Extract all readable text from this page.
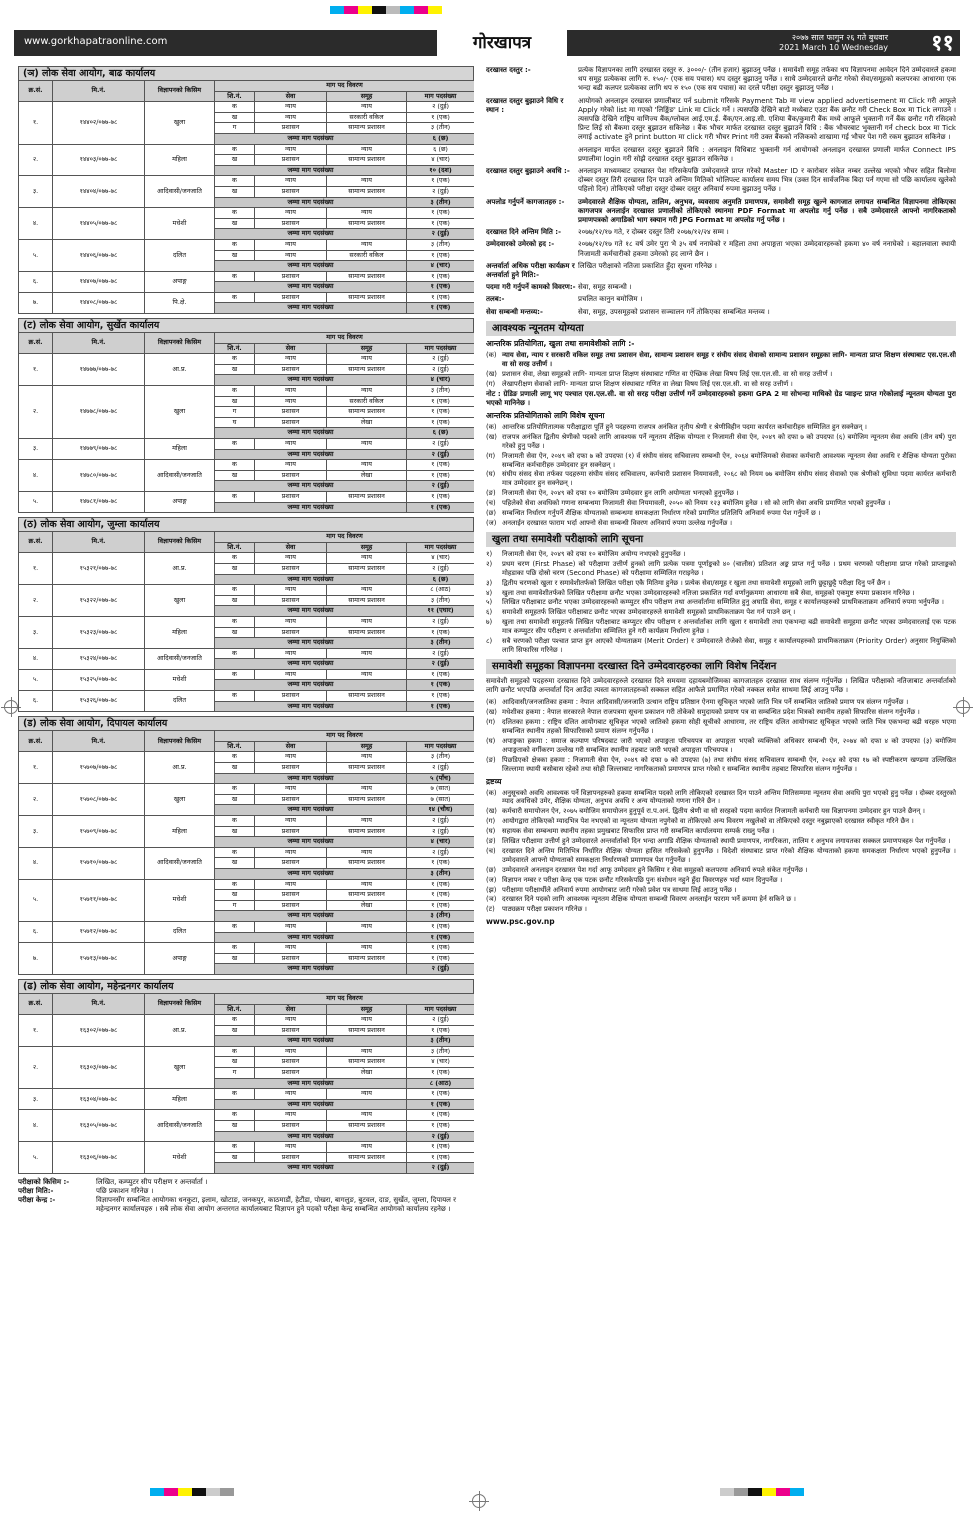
www.gorkhapatraonline.com	गोरखापत्र	२०७७ साल फागुन २६ गते बुधवार
2021 March 10 Wednesday ११
(ञ) लोक सेवा आयोग, बाढ कार्यालय
क्र.सं.	मि.नं.	विज्ञापनको किसिम	माग पद विवरण			
			शि.नं.	सेवा	समूह	माग पदसंख्या
१.	१४४०२/०७७-७८	खुला	क	न्याय	न्याय	२ (दुई)
			ख	न्याय	सरकारी वकिल	१ (एक)
			ग	प्रशासन	सामान्य प्रशासन	३ (तीन)
			जम्मा माग पदसंख्या			६ (छ)
२.	१४४०३/०७७-७८	महिला	क	न्याय	न्याय	६ (छ)
			ख	प्रशासन	सामान्य प्रशासन	४ (चार)
			जम्मा माग पदसंख्या			१० (दश)
३.	१४४०४/०७७-७८	आदिवासी/जनजाति	क	न्याय	न्याय	१ (एक)
			ख	प्रशासन	सामान्य प्रशासन	२ (दुई)
			जम्मा माग पदसंख्या			३ (तीन)
४.	१४४०५/०७७-७८	मधेशी	क	न्याय	न्याय	१ (एक)
			ख	प्रशासन	सामान्य प्रशासन	१ (एक)
			जम्मा माग पदसंख्या			२ (दुई)
५.	१४४०६/०७७-७८	दलित	क	न्याय	न्याय	३ (तीन)
			ख	न्याय	सरकारी वकिल	१ (एक)
			जम्मा माग पदसंख्या			४ (चार)
६.	१४४०७/०७७-७८	अपाङ्ग	क	प्रशासन	सामान्य प्रशासन	१ (एक)
			जम्मा माग पदसंख्या			१ (एक)
७.	१४४०८/०७७-७८	पि.क्षे.	क	प्रशासन	सामान्य प्रशासन	१ (एक)
			जम्मा माग पदसंख्या			१ (एक)
(ट) लोक सेवा आयोग, सुर्खेत कार्यालय
क्र.सं.	मि.नं.	विज्ञापनको किसिम	माग पद विवरण			
			शि.नं.	सेवा	समूह	माग पदसंख्या
१.	१४७७७/०७७-७८	आ.प्र.	क	न्याय	न्याय	२ (दुई)
			ख	प्रशासन	सामान्य प्रशासन	२ (दुई)
			जम्मा माग पदसंख्या			४ (चार)
२.	१४७७८/०७७-७८	खुला	क	न्याय	न्याय	३ (तीन)
			ख	न्याय	सरकारी वकिल	१ (एक)
			ग	प्रशासन	सामान्य प्रशासन	१ (एक)
			घ	प्रशासन	लेखा	१ (एक)
			जम्मा माग पदसंख्या			६ (छ)
३.	१४७७९/०७७-७८	महिला	क	न्याय	न्याय	२ (दुई)
			जम्मा माग पदसंख्या			२ (दुई)
४.	१४७८०/०७७-७८	आदिवासी/जनजाति	क	न्याय	न्याय	१ (एक)
			ख	प्रशासन	लेखा	१ (एक)
			जम्मा माग पदसंख्या			२ (दुई)
५.	१४७८१/०७७-७८	अपाङ्ग	क	प्रशासन	सामान्य प्रशासन	१ (एक)
			जम्मा माग पदसंख्या			१ (एक)
(ठ) लोक सेवा आयोग, जुम्ला कार्यालय
क्र.सं.	मि.नं.	विज्ञापनको किसिम	माग पद विवरण			
			शि.नं.	सेवा	समूह	माग पदसंख्या
१.	१५३२१/०७७-७८	आ.प्र.	क	न्याय	न्याय	४ (चार)
			ख	प्रशासन	सामान्य प्रशासन	२ (दुई)
			जम्मा माग पदसंख्या			६ (छ)
२.	१५३२२/०७७-७८	खुला	क	न्याय	न्याय	८ (आठ)
			ख	प्रशासन	सामान्य प्रशासन	३ (तीन)
			जम्मा माग पदसंख्या			११ (एघार)
३.	१५३२३/०७७-७८	महिला	क	न्याय	न्याय	२ (दुई)
			ख	प्रशासन	सामान्य प्रशासन	१ (एक)
			जम्मा माग पदसंख्या			३ (तीन)
४.	१५३२४/०७७-७८	आदिवासी/जनजाति	क	न्याय	न्याय	२ (दुई)
			जम्मा माग पदसंख्या			२ (दुई)
५.	१५३२५/०७७-७८	मधेशी	क	न्याय	न्याय	१ (एक)
			जम्मा माग पदसंख्या			१ (एक)
६.	१५३२६/०७७-७८	दलित	क	प्रशासन	सामान्य प्रशासन	१ (एक)
			जम्मा माग पदसंख्या			१ (एक)
(ड) लोक सेवा आयोग, दिपायल कार्यालय
क्र.सं.	मि.नं.	विज्ञापनको किसिम	माग पद विवरण			
			शि.नं.	सेवा	समूह	माग पदसंख्या
१.	१५७०७/०७७-७८	आ.प्र.	क	न्याय	न्याय	३ (तीन)
			ख	प्रशासन	सामान्य प्रशासन	२ (दुई)
			जम्मा माग पदसंख्या			५ (पाँच)
२.	१५७०८/०७७-७८	खुला	क	न्याय	न्याय	७ (सात)
			ख	प्रशासन	सामान्य प्रशासन	७ (सात)
			जम्मा माग पदसंख्या			१४ (चौध)
३.	१५७०९/०७७-७८	महिला	क	न्याय	न्याय	२ (दुई)
			ख	प्रशासन	सामान्य प्रशासन	२ (दुई)
			जम्मा माग पदसंख्या			४ (चार)
४.	१५७१०/०७७-७८	आदिवासी/जनजाति	क	न्याय	न्याय	२ (दुई)
			ख	प्रशासन	सामान्य प्रशासन	१ (एक)
			जम्मा माग पदसंख्या			३ (तीन)
५.	१५७११/०७७-७८	मधेशी	क	न्याय	न्याय	१ (एक)
			ख	प्रशासन	सामान्य प्रशासन	१ (एक)
			ग	प्रशासन	लेखा	१ (एक)
			जम्मा माग पदसंख्या			३ (तीन)
६.	१५७१२/०७७-७८	दलित	क	न्याय	न्याय	१ (एक)
			जम्मा माग पदसंख्या			१ (एक)
७.	१५७१३/०७७-७८	अपाङ्ग	क	न्याय	न्याय	१ (एक)
			ख	प्रशासन	सामान्य प्रशासन	१ (एक)
			जम्मा माग पदसंख्या			२ (दुई)
(ढ) लोक सेवा आयोग, महेन्द्रनगर कार्यालय
क्र.सं.	मि.नं.	विज्ञापनको किसिम	माग पद विवरण			
			शि.नं.	सेवा	समूह	माग पदसंख्या
१.	१६३०२/०७७-७८	आ.प्र.	क	न्याय	न्याय	२ (दुई)
			ख	प्रशासन	सामान्य प्रशासन	१ (एक)
			जम्मा माग पदसंख्या			३ (तीन)
२.	१६३०३/०७७-७८	खुला	क	न्याय	न्याय	३ (तीन)
			ख	प्रशासन	सामान्य प्रशासन	४ (चार)
			ग	प्रशासन	लेखा	१ (एक)
			जम्मा माग पदसंख्या			८ (आठ)
३.	१६३०४/०७७-७८	महिला	क	न्याय	न्याय	१ (एक)
			जम्मा माग पदसंख्या			१ (एक)
४.	१६३०५/०७७-७८	आदिवासी/जनजाति	क	न्याय	न्याय	१ (एक)
			ख	प्रशासन	सामान्य प्रशासन	१ (एक)
			जम्मा माग पदसंख्या			२ (दुई)
५.	१६३०६/०७७-७८	मधेशी	क	न्याय	न्याय	१ (एक)
			ख	प्रशासन	सामान्य प्रशासन	१ (एक)
			जम्मा माग पदसंख्या			२ (दुई)
परीक्षाको किसिम :-	लिखित, कम्प्युटर सीप परीक्षण र अन्तर्वार्ता ।
परीक्षा मिति:-	पछि प्रकाशन गरिनेछ ।
परीक्षा केन्द्र :-	विज्ञापनसँग सम्बन्धित आयोगका धनकुटा, इलाम, खोटाङ, जनकपुर, काठमाडौं, हेटौंडा, पोखरा, बागलुङ, बुटवल, दाङ, सुर्खेत, जुम्ला, दिपायल र महेन्द्रनगर कार्यालयहरु । सबै लोक सेवा आयोग अन्तरगत कार्यालयबाट विज्ञापन हुने पदको परीक्षा केन्द्र सम्बन्धित आयोगको कार्यालय रहनेछ ।
दरखास्त दस्तुर :-	प्रत्येक विज्ञापनका लागि दरखास्त दस्तुर रु. ३०००/- (तीन हजार) बुझाउनु पर्नेछ । समावेशी समूह तर्फका थप विज्ञापनमा आवेदन दिने उम्मेदवारले हकमा थप समूह प्रत्येकका लागि रु. १५०/- (एक सय पचास) थप दस्तुर बुझाउनु पर्नेछ । साथै उम्मेदवारले छनौट गरेको सेवा/समूहको कलपरका आधारमा एक भन्दा बढी कलपर प्रत्येकका लागि थप रु १५० (एक सय पचास) का दरले परीक्षा दस्तुर बुझाउनु पर्नेछ ।
दरखास्त दस्तुर बुझाउने विधि र स्थान :
आयोगको अनलाइन दरखास्त प्रणालीबाट पर्न submit गरिसके Payment Tab मा view applied advertisement मा Click गरी आफूले Apply गरेको list मा गएको 'लिङ्किंङ' Link मा Click गर्ने । त्यसपछि देखिने बाटो मध्येबाट एउटा बैंक छनौट गरी Check Box मा Tick लगाउने । त्यसपछि देखिने राष्ट्रिय वाणिज्य बैंक/ग्लोबल आई.एम.ई. बैंक/एन.आइ.सी. एशिया बैंक/कुमारी बैंक मध्ये आफूले भुक्तानी गर्ने बैंक छनौट गरी रसिदको प्रिन्ट लिई सो बैंकमा दस्तुर बुझाउन सकिनेछ । बैंक भौचर मार्फत दरखास्त दस्तुर बुझाउने विधि : बैंक भौचरबाट भुक्तानी गर्न check box मा Tick लगाई activate हुने print button मा click गरी भौचर Print गरी उक्त बैंकको नजिकको शाखामा गई भौचर पेश गरी रकम बुझाउन सकिनेछ ।
अनलाइन मार्फत दरखास्त दस्तुर बुझाउने विधि : अनलाइन विधिबाट भुक्तानी गर्न आयोगको अनलाइन दरखास्त प्रणाली मार्फत Connect IPS प्रणालीमा login गरी सोझै दरखास्त दस्तुर बुझाउन सकिनेछ ।
दरखास्त दस्तुर बुझाउने अवधि :-	अनलाइन माध्यमबाट दरखास्त पेश गरिसकेपछि उम्मेदवारले प्राप्त गरेको Master ID र कारोबार संकेत नम्बर उल्लेख भएको भौचर सहित बिलोमा दोब्बर दस्तुर तिरी दरखास्त दिन पाउने अन्तिम मितिको भोलिपल्ट कार्यालय समय भित्र (उक्त दिन सार्वजनिक बिदा पर्न गएमा सो पछि कार्यालय खुलेको पहिलो दिन) तोकिएको परीक्षा दस्तुर दोब्बर दस्तुर अनिवार्य रुपमा बुझाउनु पर्नेछ ।
अपलोड गर्नुपर्ने कागजातहरु :-	उम्मेदवारले शैक्षिक योग्यता, तालिम, अनुभव, व्यवसाय अनुमति प्रमाणपत्र, समावेशी समूह खुल्ने कागजात लगायत सम्बन्धित विज्ञापनमा तोकिएका कागजपत्र अनलाईन दरखास्त प्रणालीको तोकिएको स्थानमा PDF Format मा अपलोड गर्नु पर्नेछ । सबै उम्मेदवारले आफ्नो नागरिकताको प्रमाणपत्रको अगाडिको भाग स्क्यान गरी JPG Format मा अपलोड गर्नु पर्नेछ ।
दरखास्त दिने अन्तिम मिति :-	२०७७/१२/१७ गते, र दोब्बर दस्तुर तिरी २०७७/१२/२४ सम्म ।
उम्मेदवारको उमेरको हद :-	२०७७/१२/१७ गते १८ वर्ष उमेर पुरा भै ३५ वर्ष ननाघेको र महिला तथा अपाङ्गता भएका उम्मेदवारहरुको हकमा ४० वर्ष ननाघेको । बहालवाला स्थायी निजामती कर्मचारीको हकमा उमेरको हद लाग्ने छैन ।
अन्तर्वार्ता अधिक परीक्षा कार्यक्रम र अन्तर्वार्ता हुने मिति:-
लिखित परीक्षाको नतिजा प्रकाशित हुँदा सूचना गरिनेछ ।
पदमा गरी गर्नुपर्ने कामको विवरण:- सेवा, समूह सम्बन्धी ।
तलब:-	प्रचलित कानुन बमोजिम ।
सेवा सम्बन्धी मन्तव्य:-	सेवा, समूह, उपसमूहको प्रशासन सञ्चालन गर्ने तोकिएका सम्बन्धित मन्तव्य ।
आवश्यक न्यूनतम योग्यता
आन्तरिक प्रतियोगिता, खुला तथा समावेशीको लागि :-
(क) न्याय सेवा, न्याय र सरकारी वकिल समूह तथा प्रशासन सेवा, सामान्य प्रशासन समूह र संघीय संसद सेवाको सामान्य प्रशासन समूहका लागि- मान्यता प्राप्त शिक्षण संस्थाबाट एस.एल.सी वा सो सरह उत्तीर्ण ।
(ख) प्रशासन सेवा, लेखा समूहको लागि- मान्यता प्राप्त शिक्षण संस्थाबाट गणित वा ऐच्छिक लेखा विषय लिई एस.एल.सी. वा सो सरह उत्तीर्ण ।
(ग)	लेखापरीक्षण सेवाको लागि- मान्यता प्राप्त शिक्षण संस्थाबाट गणित वा लेखा विषय लिई एस.एल.सी. वा सो सरह उत्तीर्ण ।
नोट : ग्रेडिङ प्रणाली लागू भए पश्चात एस.एल.सी. वा सो सरह परीक्षा उत्तीर्ण गर्ने उम्मेदवारहरुको हकमा GPA 2 मा सोभन्दा माथिको ग्रेड प्वाइन्ट प्राप्त गरेकोलाई न्यूनतम योग्यता पुरा भएको मानिनेछ ।
आन्तरिक प्रतियोगिताको लागि विशेष सूचना
(क) आन्तरिक प्रतियोगितात्मक परीक्षाद्वारा पूर्ति हुने पदहरुमा राजपत्र अनंकित तृतीय श्रेणी र श्रेणीविहीन पदमा कार्यरत कर्मचारीहरु सम्मिलित हुन सक्नेछन् ।
(ख) राजपत्र अनंकित द्वितीय श्रेणीको पदको लागि आवश्यक पर्ने न्यूनतम शैक्षिक योग्यता र निजामती सेवा ऐन, २०४९ को दफा ७ को उपदफा (६) बमोजिम न्यूनतम सेवा अवधि (तीन वर्ष) पुरा गरेको हुनु पर्नेछ ।
(ग)	निजामती सेवा ऐन, २०४९ को दफा ७ को उपदफा (१) र्व संघीय संसद सचिवालय सम्बन्धी ऐन, २०६४ बमोजिमको सेवाका कर्मचारी आवश्यक न्यूनतम सेवा अवधि र शैक्षिक योग्यता पुरोका सम्बन्धित कर्मचारीहरु उम्मेदवार हुन सक्नेछन् ।
(घ) संघीय संसद सेवा तर्फका पदहरुमा संघीय संसद सचिवालय, कर्मचारी प्रशासन नियमावली, २०६८ को नियम ७७ बमोजिम संघीय संसद सेवाको एक श्रेणीको सुविधा पदमा कार्यरत कर्मचारी मात्र उम्मेदवार हुन सक्नेछन् ।
(ङ) निजामती सेवा ऐन, २०४९ को दफा १० बमोजिम उम्मेदवार हुन लागि अयोग्यता भनएको हुनुपर्नेछ ।
(च) पहिलेको सेवा अवधिको गणना सम्बन्धमा निजामती सेवा नियमावली, २०५० को नियम १२३ बमोजिम हुनेछ । सो को लागि सेवा अवधि प्रमाणित भएको हुनुपर्नेछ ।
(छ) सम्बन्धित निर्धारण गर्नुपर्ने शैक्षिक योग्यताको सम्बन्धमा समकक्षता निर्धारण गरेको प्रमाणित प्रतिलिपि अनिवार्य रुपमा पेश गर्नुपर्ने छ ।
(ज) अनलाईन दरखास्त फाराम भर्दा आफ्नो सेवा सम्बन्धी विवरण अनिवार्य रुपमा उल्लेख गर्नुपर्नेछ ।
खुला तथा समावेशी परीक्षाको लागि सूचना
१)	निजामती सेवा ऐन, २०४९ को दफा १० बमोजिम अयोग्य नभएको हुनुपर्नेछ ।
२)	प्रथम चरण (First Phase) को परीक्षामा उत्तीर्ण हुनको लागि प्रत्येक पत्रमा पूर्णाङ्कको ४० (चालीस) प्रतिशत अङ्क प्राप्त गर्नु पर्नेछ । प्रथम चरणको परीक्षामा प्राप्त गरेको प्राप्ताङ्कको मोहडाका पछि दोस्रो चरण (Second Phase) को परीक्षामा सम्मिलित गराइनेछ ।
३)	द्वितीय चरणको खुला र समावेशीतर्फको लिखित परीक्षा एकै मितिमा हुनेछ । प्रत्येक सेवा/समूह र खुला तथा समावेशी समूहको लागि छुट्टाछुट्टै परीक्षा दिनु पर्ने छैन ।
४)	खुला तथा समावेशीतर्फको लिखित परीक्षामा छनौट भएका उम्मेदवारहरुको नतिजा प्रकाशित गर्दा वर्णानुक्रममा आधारमा सबै सेवा, समूहको एकमुष्ट रुपमा प्रकाशन गरिनेछ ।
५)	लिखित परीक्षाबाट छनौट भएका उम्मेदवारहरुको कम्प्युटर सीप परीक्षण तथा अन्तर्वार्तामा सम्मिलित हुनु अघाडि सेवा, समूह र कार्यालयहरुको प्राथमिकताक्रम अनिवार्य रुपमा भर्नुपर्नेछ ।
६)	समावेशी समूहतर्फ लिखित परीक्षाबाट छनौट भएका उम्मेदवारहरुले समावेशी समूहको प्राथमिकताक्रम पेश गर्न पाउने छन् ।
७)	खुला तथा समावेशी समूहतर्फ लिखित परीक्षाबाट कम्प्युटर सीप परीक्षण र अन्तर्वार्ताका लागि खुला र समावेशी तथा एकभन्दा बढी समावेशी समूहमा छनौट भएका उम्मेदवारलाई एक पटक मात्र कम्प्युटर सीप परीक्षण र अन्तर्वार्तामा सम्मिलित हुने गरी कार्यक्रम निर्धारण हुनेछ ।
८)	सबै चरणको परीक्षा पश्चात प्राप्त हुन आएको योग्यताक्रम (Merit Order) र उम्मेदवारले रोजेको सेवा, समूह र कार्यालयहरुको प्राथमिकताक्रम (Priority Order) अनुसार नियुक्तिको लागि सिफारिस गरिनेछ ।
समावेशी समूहका विज्ञापनमा दरखास्त दिने उम्मेदवारहरुका लागि विशेष निर्देशन
समावेशी समूहको पदहरुमा दरखास्त दिने उम्मेदवारहरुले दरखास्त दिने समयमा दहायबमोजिमका कागजातहरु दरखास्त साथ संलग्न गर्नुपर्नेछ । लिखित परीक्षाको नतिजाबाट अन्तर्वार्ताको लागि छनौट भएपछि अन्तर्वार्ता दिन आउँदा त्यस्ता कागजातहरुको सक्कल सहित आफैले प्रमाणित गरेको नक्कल समेत साथमा लिई आउनु पर्नेछ ।
(क) आदिवासी/जनजातिका हकमा : नेपाल आदिवासी/जनजाति उत्थान राष्ट्रिय प्रतिष्ठान ऐनमा सूचिकृत भएको जाति भित्र पर्ने सम्बन्धित जातिको प्रमाण पत्र संलग्न गर्नुपर्नेछ ।
(ख) मधेशीका हकमा : नेपाल सरकारले नेपाल राजपत्रमा सूचना प्रकाशन गरी तोकेको समुदायको प्रमाण पत्र वा सम्बन्धित प्रदेश भित्रको स्थानीय तहको सिफारिस संलग्न गर्नुपर्नेछ ।
(ग)	दलितका हकमा : राष्ट्रिय दलित आयोगबाट सूचिकृत भएको जातिको हकमा सोही सूचीको आधारमा, तर राष्ट्रिय दलित आयोगबाट सूचिकृत भएको जाति भित्र एकभन्दा बढी थरहरु भएमा सम्बन्धित स्थानीय तहको सिफारिसको प्रमाण संलग्न गर्नुपर्नेछ ।
(घ) अपाङ्गका हकमा : समाज कल्याण परिषदबाट जारी भएको अपाङ्गता परिचयपत्र वा अपाङ्गता भएको व्यक्तिको अधिकार सम्बन्धी ऐन, २०७४ को दफा ४ को उपदफा (३) बमोजिम अपाङ्गताको वर्गीकरण उल्लेख गरी सम्बन्धित स्थानीय तहबाट जारी भएको अपाङ्गता परिचयपत्र ।
(ङ) पिछडिएको क्षेत्रका हकमा : निजामती सेवा ऐन, २०४९ को दफा ७ को उपदफा (७) तथा संघीय संसद सचिवालय सम्बन्धी ऐन, २०६४ को दफा १७ को स्पष्टीकरण खण्डमा उल्लिखित जिल्लामा स्थायी बसोबास रहेको तथा सोही जिल्लाबाट नागरिकताको प्रमाणपत्र प्राप्त गरेको र सम्बन्धित स्थानीय तहबाट सिफारिस संलग्न गर्नुपर्नेछ ।
द्रष्टव्य
(क) अनुसूचको अवधि आवश्यक पर्ने विज्ञापनहरुको हकमा सम्बन्धित पदको लागि तोकिएको दरखास्त दिन पाउने अन्तिम मितिसम्ममा न्यूनतम सेवा अवधि पुरा भएको हुनु पर्नेछ । दोब्बर दस्तुरको म्याद अवधिको उमेर, शैक्षिक योग्यता, अनुभव अवधि र अन्य योग्यताको गणना गरिने छैन ।
(ख) कर्मचारी समायोजन ऐन, २०७५ बमोजिम समायोजन हुनुपूर्व रा.प.अनं. द्वितीय श्रेणी वा सो सरहको पदमा कार्यरत निजामती कर्मचारी यस विज्ञापनमा उम्मेदवार हुन पाउने छैनन् ।
(ग)	आयोगद्वारा तोकिएको म्यादभित्र पेश नभएको वा न्यूनतम योग्यता नपुगेको वा तोकिएको अन्य विवरण नखुलेको वा तोकिएको दस्तुर नबुझाएको दरखास्त स्वीकृत गरिने छैन ।
(घ) सहायक सेवा सम्बन्धमा स्थानीय तहका प्रमुखबाट सिफारिस प्राप्त गरी सम्बन्धित कार्यालयमा सम्पर्क राख्नु पर्नेछ ।
(ङ) लिखित परीक्षामा उत्तीर्ण हुने उम्मेदवारले अन्तर्वार्ताको दिन भन्दा अगाडि शैक्षिक योग्यताको स्थायी प्रमाणपत्र, नागरिकता, तालिम र अनुभव लगायतका सक्कल प्रमाणपत्रहरु पेश गर्नुपर्नेछ ।
(च) दरखास्त दिने अन्तिम मितिभित्र निर्धारित शैक्षिक योग्यता हासिल गरिसकेको हुनुपर्नेछ । विदेशी संस्थाबाट प्राप्त गरेको शैक्षिक योग्यताको हकमा समकक्षता निर्धारण भएको हुनुपर्नेछ । उम्मेदवारले आफ्नो योग्यताको समकक्षता निर्धारणको प्रमाणपत्र पेश गर्नुपर्नेछ ।
(छ) उम्मेदवारले अनलाइन दरखास्त पेश गर्दा आफू उम्मेदवार हुने किसिम र सेवा समूहको कलपरमा अनिवार्य रुपले संकेत गर्नुपर्नेछ ।
(ज) विज्ञापन नम्बर र परीक्षा केन्द्र एक पटक छनौट गरिसकेपछि पुनः संशोधन नहुने हुँदा विवरणहरु भर्दा ध्यान दिनुपर्नेछ ।
(झ) परीक्षामा परीक्षार्थीले अनिवार्य रुपमा आयोगबाट जारी गरेको प्रवेश पत्र साथमा लिई आउनु पर्नेछ ।
(ञ) दरखास्त दिने पदको लागि आवश्यक न्यूनतम शैक्षिक योग्यता सम्बन्धी विवरण अनलाईन फाराम भर्ने क्रममा हेर्न सकिने छ ।
(ट)	पाठ्यक्रम परीक्षा प्रकाशन गरिनेछ ।
www.psc.gov.np
